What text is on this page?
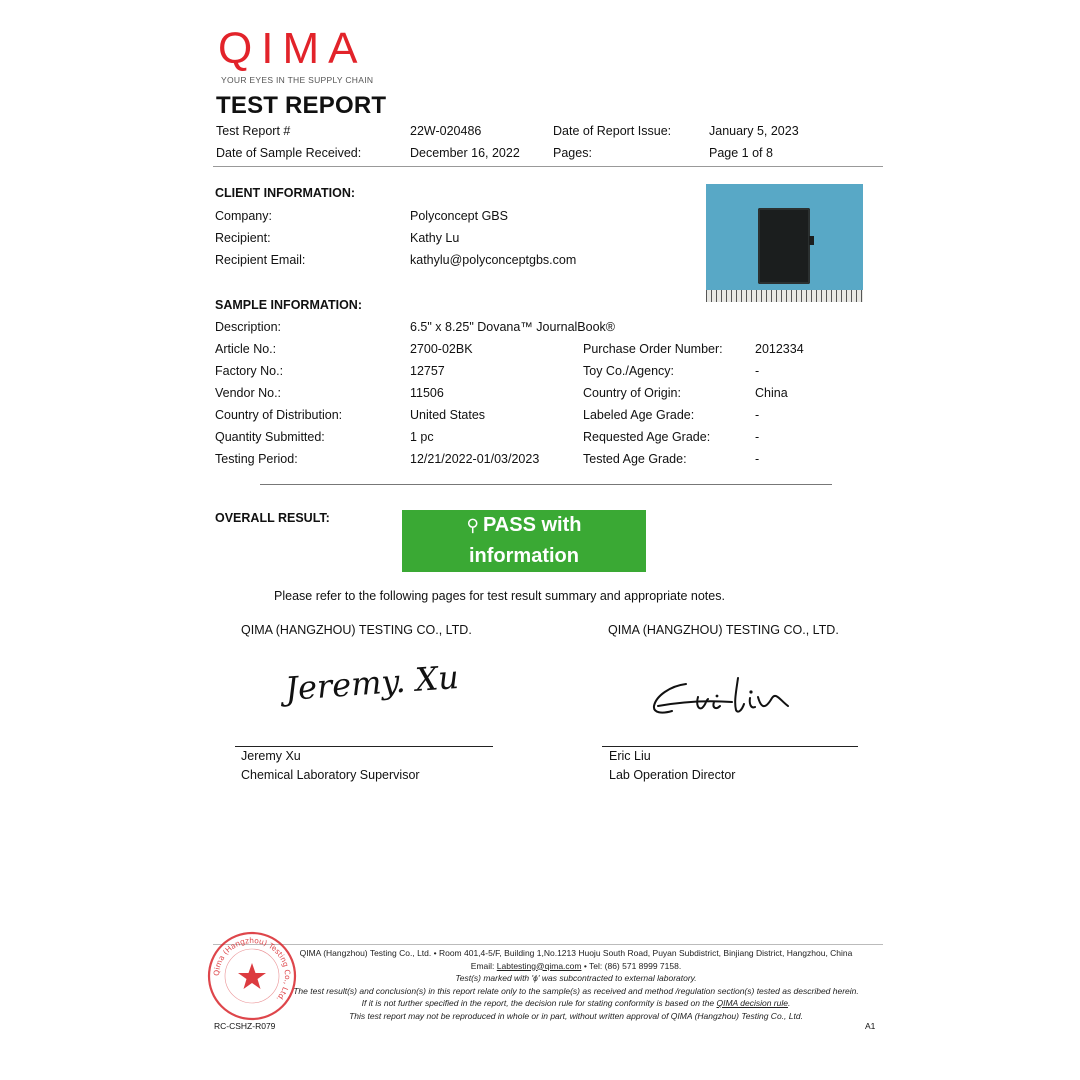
QIMA
YOUR EYES IN THE SUPPLY CHAIN
TEST REPORT
Test Report #	22W-020486	Date of Report Issue:	January 5, 2023
Date of Sample Received:	December 16, 2022	Pages:	Page 1 of 8
CLIENT INFORMATION:
Company:	Polyconcept GBS
Recipient:	Kathy Lu
Recipient Email:	kathylu@polyconceptgbs.com
SAMPLE INFORMATION:
Description:	6.5" x 8.25" Dovana™ JournalBook®
Article No.:	2700-02BK	Purchase Order Number:	2012334
Factory No.:	12757	Toy Co./Agency:	-
Vendor No.:	11506	Country of Origin:	China
Country of Distribution:	United States	Labeled Age Grade:	-
Quantity Submitted:	1 pc	Requested Age Grade:	-
Testing Period:	12/21/2022-01/03/2023	Tested Age Grade:	-
OVERALL RESULT:	⚲ PASS with
information
Please refer to the following pages for test result summary and appropriate notes.
QIMA (HANGZHOU) TESTING CO., LTD.	QIMA (HANGZHOU) TESTING CO., LTD.
Jeremy. Xu
Jeremy Xu
Chemical Laboratory Supervisor
Eric Liu
Lab Operation Director
QIMA (Hangzhou) Testing Co., Ltd. • Room 401,4-5/F, Building 1,No.1213 Huoju South Road, Puyan Subdistrict, Binjiang District, Hangzhou, China
Email: Labtesting@qima.com • Tel: (86) 571 8999 7158.
Test(s) marked with 'ϕ' was subcontracted to external laboratory.
The test result(s) and conclusion(s) in this report relate only to the sample(s) as received and method /regulation section(s) tested as described herein.
If it is not further specified in the report, the decision rule for stating conformity is based on the QIMA decision rule.
This test report may not be reproduced in whole or in part, without written approval of QIMA (Hangzhou) Testing Co., Ltd.
Qima (Hangzhou) Testing Co., Ltd.
RC-CSHZ-R079	A1
